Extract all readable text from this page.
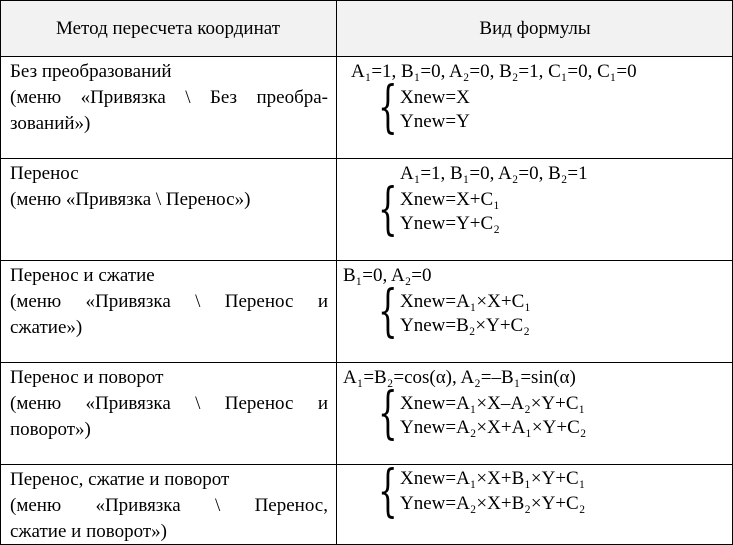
Метод пересчета координат	Вид формулы
Без преобразований
(меню «Привязка \ Без преобра-
зований»)
A₁=1, B₁=0, A₂=0, B₂=1, C₁=0, C₁=0
{ Xnew=X
Ynew=Y
Перенос
(меню «Привязка \ Перенос»)
A₁=1, B₁=0, A₂=0, B₂=1
{ Xnew=X+C₁
Ynew=Y+C₂
Перенос и сжатие
(меню «Привязка \ Перенос и
сжатие»)
B₁=0, A₂=0
{ Xnew=A₁×X+C₁
Ynew=B₂×Y+C₂
Перенос и поворот
(меню «Привязка \ Перенос и
поворот»)
A₁=B₂=cos(α), A₂=–B₁=sin(α)
{ Xnew=A₁×X–A₂×Y+C₁
Ynew=A₂×X+A₁×Y+C₂
Перенос, сжатие и поворот
(меню «Привязка \ Перенос,
сжатие и поворот»)
{ Xnew=A₁×X+B₁×Y+C₁
Ynew=A₂×X+B₂×Y+C₂
